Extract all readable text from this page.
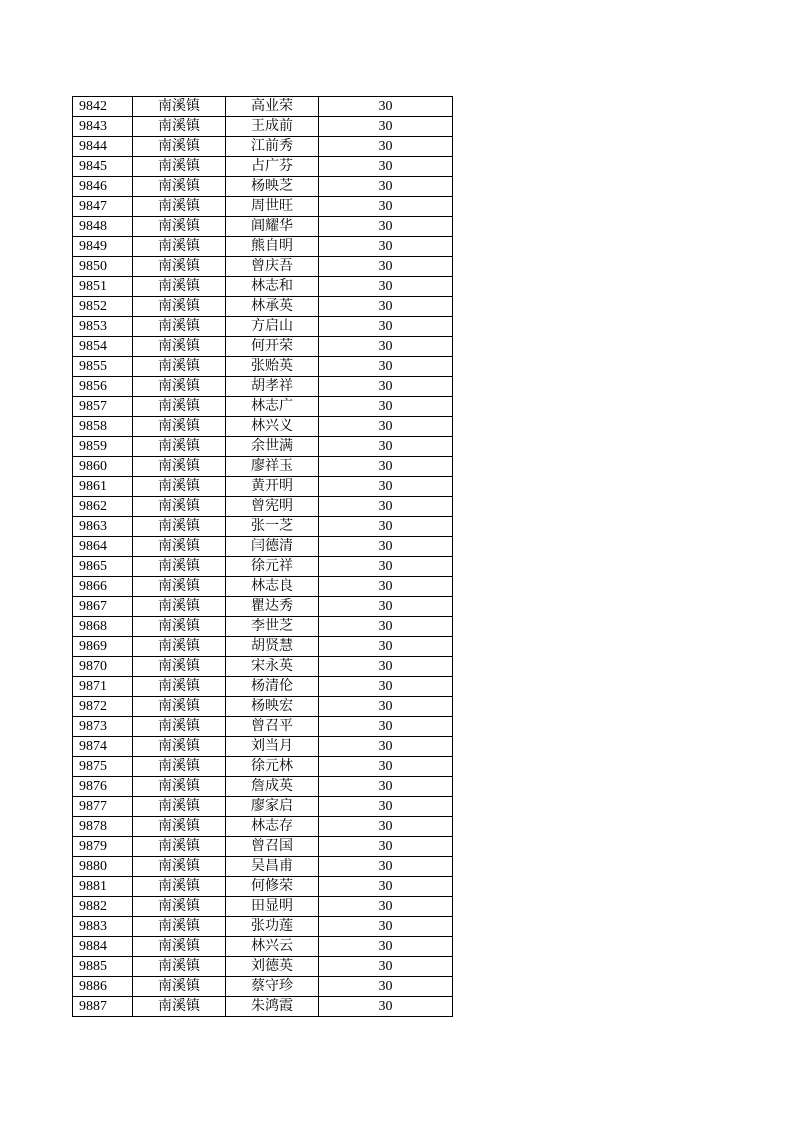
9842	南溪镇	高业荣	30
9843	南溪镇	王成前	30
9844	南溪镇	江前秀	30
9845	南溪镇	占广芬	30
9846	南溪镇	杨映芝	30
9847	南溪镇	周世旺	30
9848	南溪镇	阊耀华	30
9849	南溪镇	熊自明	30
9850	南溪镇	曾庆吾	30
9851	南溪镇	林志和	30
9852	南溪镇	林承英	30
9853	南溪镇	方启山	30
9854	南溪镇	何开荣	30
9855	南溪镇	张贻英	30
9856	南溪镇	胡孝祥	30
9857	南溪镇	林志广	30
9858	南溪镇	林兴义	30
9859	南溪镇	余世满	30
9860	南溪镇	廖祥玉	30
9861	南溪镇	黄开明	30
9862	南溪镇	曾宪明	30
9863	南溪镇	张一芝	30
9864	南溪镇	闫德清	30
9865	南溪镇	徐元祥	30
9866	南溪镇	林志良	30
9867	南溪镇	瞿达秀	30
9868	南溪镇	李世芝	30
9869	南溪镇	胡贤慧	30
9870	南溪镇	宋永英	30
9871	南溪镇	杨清伦	30
9872	南溪镇	杨映宏	30
9873	南溪镇	曾召平	30
9874	南溪镇	刘当月	30
9875	南溪镇	徐元林	30
9876	南溪镇	詹成英	30
9877	南溪镇	廖家启	30
9878	南溪镇	林志存	30
9879	南溪镇	曾召国	30
9880	南溪镇	吴昌甫	30
9881	南溪镇	何修荣	30
9882	南溪镇	田显明	30
9883	南溪镇	张功莲	30
9884	南溪镇	林兴云	30
9885	南溪镇	刘德英	30
9886	南溪镇	蔡守珍	30
9887	南溪镇	朱鸿霞	30
